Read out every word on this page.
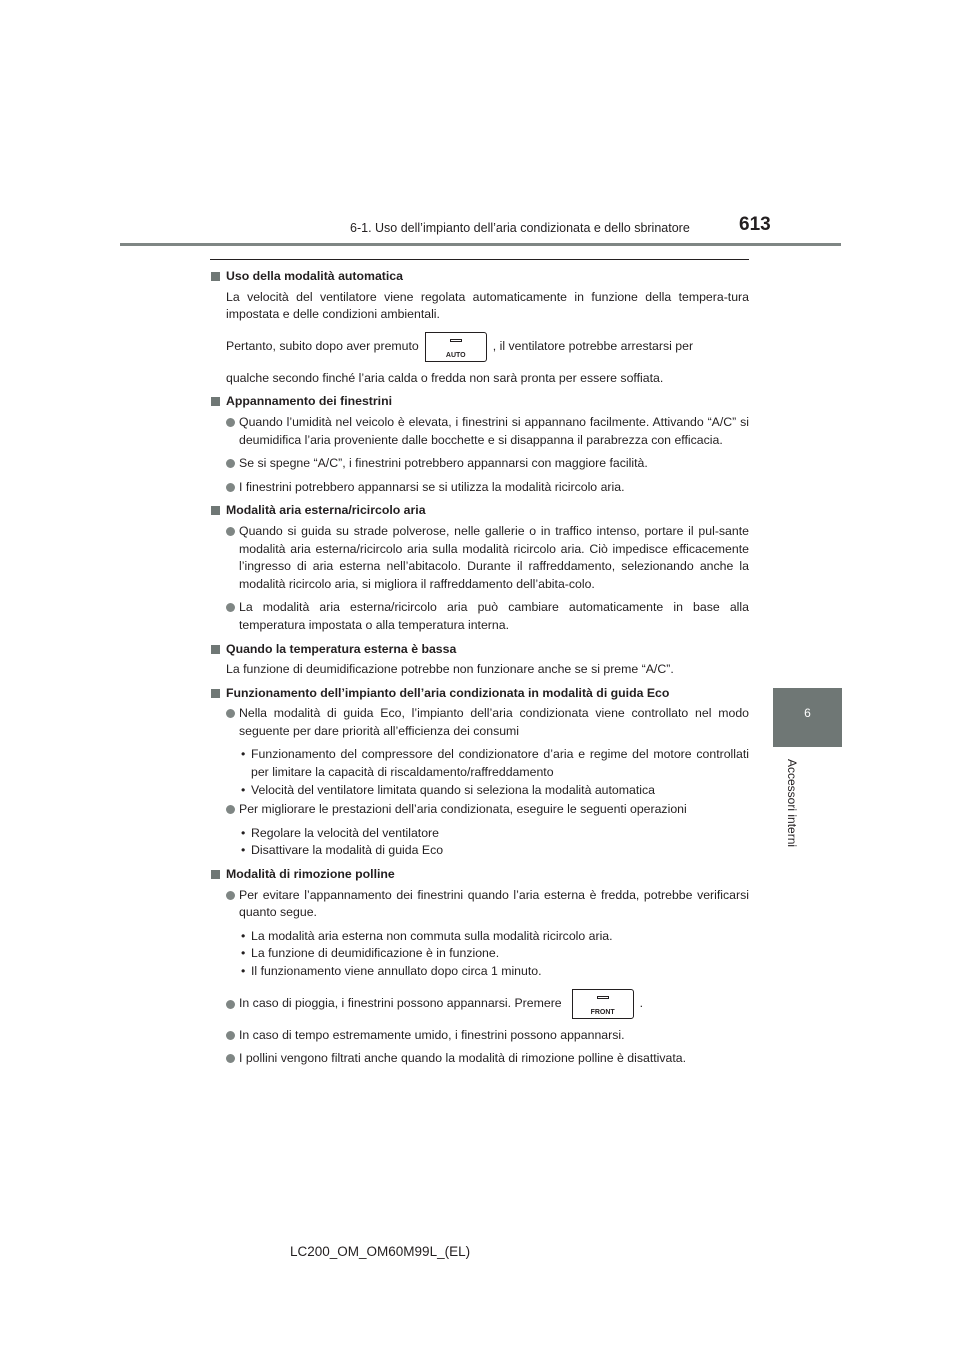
6-1. Uso dell’impianto dell’aria condizionata e dello sbrinatore	613
6
Accessori interni
Uso della modalità automatica
La velocità del ventilatore viene regolata automaticamente in funzione della tempera-tura impostata e delle condizioni ambientali.
Pertanto, subito dopo aver premuto
AUTO
, il ventilatore potrebbe arrestarsi per
qualche secondo finché l’aria calda o fredda non sarà pronta per essere soffiata.
Appannamento dei finestrini
Quando l’umidità nel veicolo è elevata, i finestrini si appannano facilmente. Attivando “A/C” si deumidifica l’aria proveniente dalle bocchette e si disappanna il parabrezza con efficacia.
Se si spegne “A/C”, i finestrini potrebbero appannarsi con maggiore facilità.
I finestrini potrebbero appannarsi se si utilizza la modalità ricircolo aria.
Modalità aria esterna/ricircolo aria
Quando si guida su strade polverose, nelle gallerie o in traffico intenso, portare il pul-sante modalità aria esterna/ricircolo aria sulla modalità ricircolo aria. Ciò impedisce efficacemente l’ingresso di aria esterna nell’abitacolo. Durante il raffreddamento, selezionando anche la modalità ricircolo aria, si migliora il raffreddamento dell’abita-colo.
La modalità aria esterna/ricircolo aria può cambiare automaticamente in base alla temperatura impostata o alla temperatura interna.
Quando la temperatura esterna è bassa
La funzione di deumidificazione potrebbe non funzionare anche se si preme “A/C”.
Funzionamento dell’impianto dell’aria condizionata in modalità di guida Eco
Nella modalità di guida Eco, l’impianto dell’aria condizionata viene controllato nel modo seguente per dare priorità all’efficienza dei consumi
• Funzionamento del compressore del condizionatore d’aria e regime del motore controllati per limitare la capacità di riscaldamento/raffreddamento
• Velocità del ventilatore limitata quando si seleziona la modalità automatica
Per migliorare le prestazioni dell’aria condizionata, eseguire le seguenti operazioni
• Regolare la velocità del ventilatore
• Disattivare la modalità di guida Eco
Modalità di rimozione polline
Per evitare l’appannamento dei finestrini quando l’aria esterna è fredda, potrebbe verificarsi quanto segue.
• La modalità aria esterna non commuta sulla modalità ricircolo aria.
• La funzione di deumidificazione è in funzione.
• Il funzionamento viene annullato dopo circa 1 minuto.
In caso di pioggia, i finestrini possono appannarsi. Premere
FRONT
.
In caso di tempo estremamente umido, i finestrini possono appannarsi.
I pollini vengono filtrati anche quando la modalità di rimozione polline è disattivata.
LC200_OM_OM60M99L_(EL)
